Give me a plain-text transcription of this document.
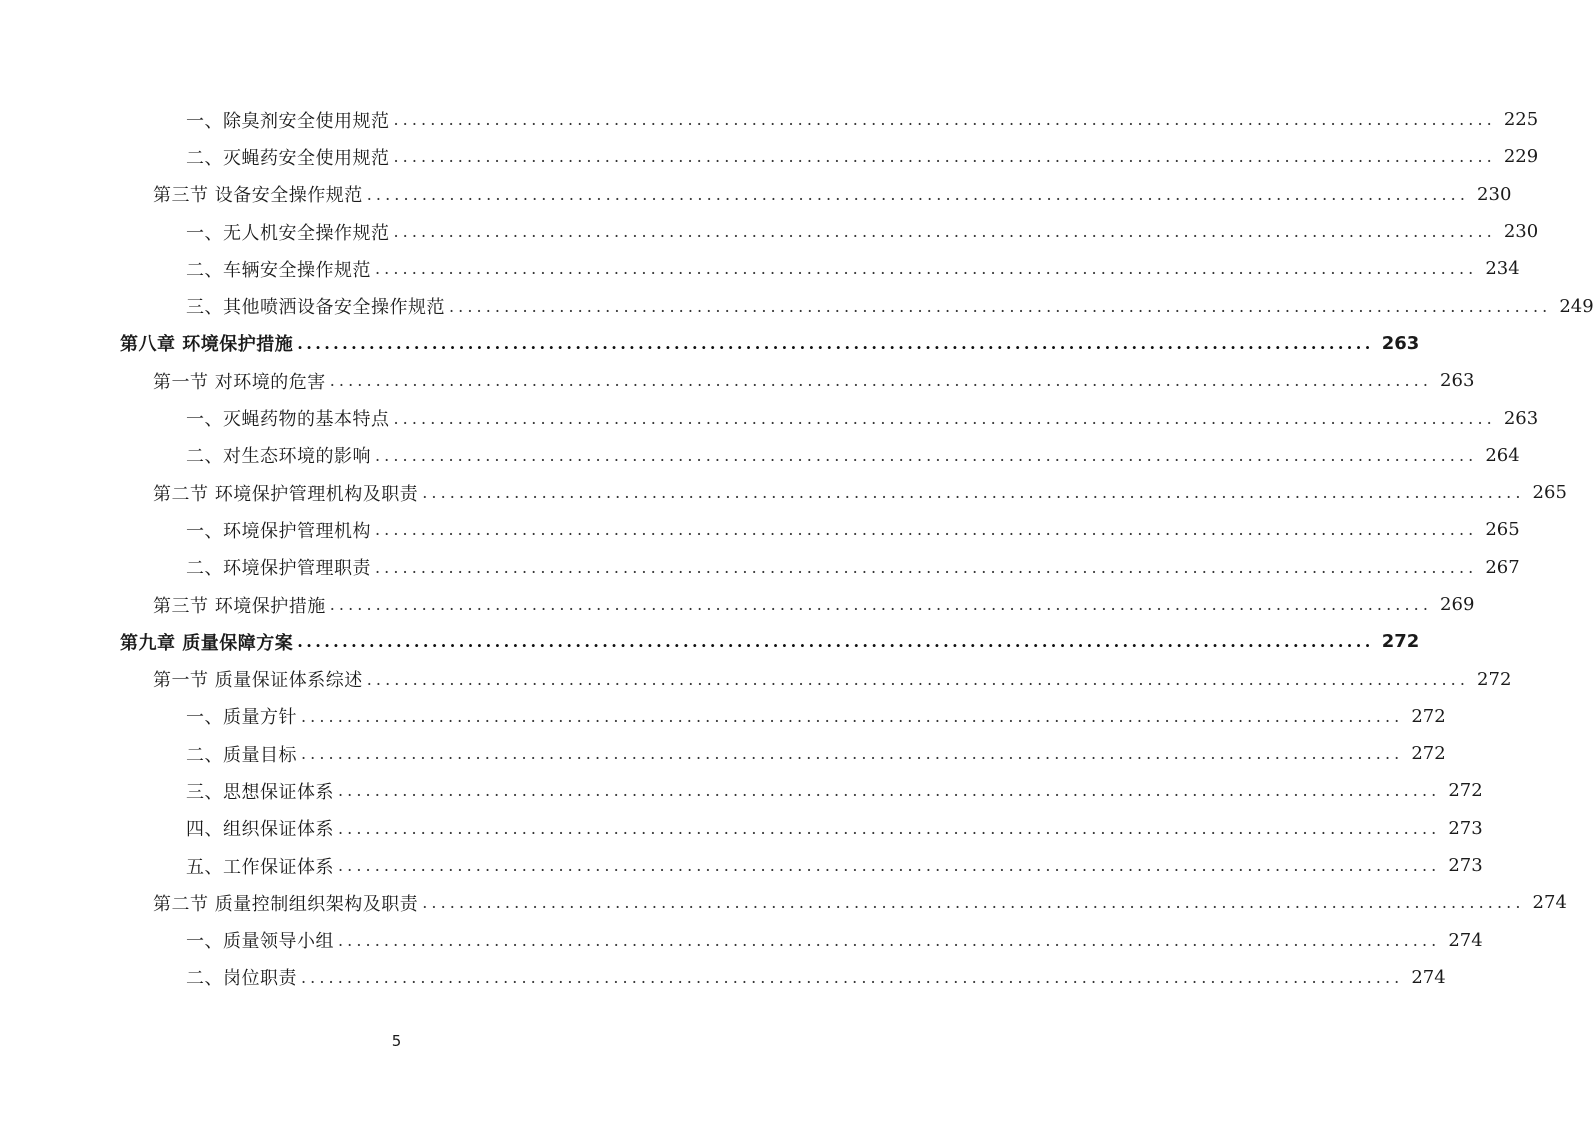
一、除臭剂安全使用规范 ........................................................................................................................ 225
二、灭蝇药安全使用规范 ........................................................................................................................ 229
第三节 设备安全操作规范 ........................................................................................................................ 230
一、无人机安全操作规范 ........................................................................................................................ 230
二、车辆安全操作规范 ........................................................................................................................ 234
三、其他喷洒设备安全操作规范 ........................................................................................................................ 249
第八章 环境保护措施 ........................................................................................................................ 263
第一节 对环境的危害 ........................................................................................................................ 263
一、灭蝇药物的基本特点 ........................................................................................................................ 263
二、对生态环境的影响 ........................................................................................................................ 264
第二节 环境保护管理机构及职责 ........................................................................................................................ 265
一、环境保护管理机构 ........................................................................................................................ 265
二、环境保护管理职责 ........................................................................................................................ 267
第三节 环境保护措施 ........................................................................................................................ 269
第九章 质量保障方案 ........................................................................................................................ 272
第一节 质量保证体系综述 ........................................................................................................................ 272
一、质量方针 ........................................................................................................................ 272
二、质量目标 ........................................................................................................................ 272
三、思想保证体系 ........................................................................................................................ 272
四、组织保证体系 ........................................................................................................................ 273
五、工作保证体系 ........................................................................................................................ 273
第二节 质量控制组织架构及职责 ........................................................................................................................ 274
一、质量领导小组 ........................................................................................................................ 274
二、岗位职责 ........................................................................................................................ 274
5
